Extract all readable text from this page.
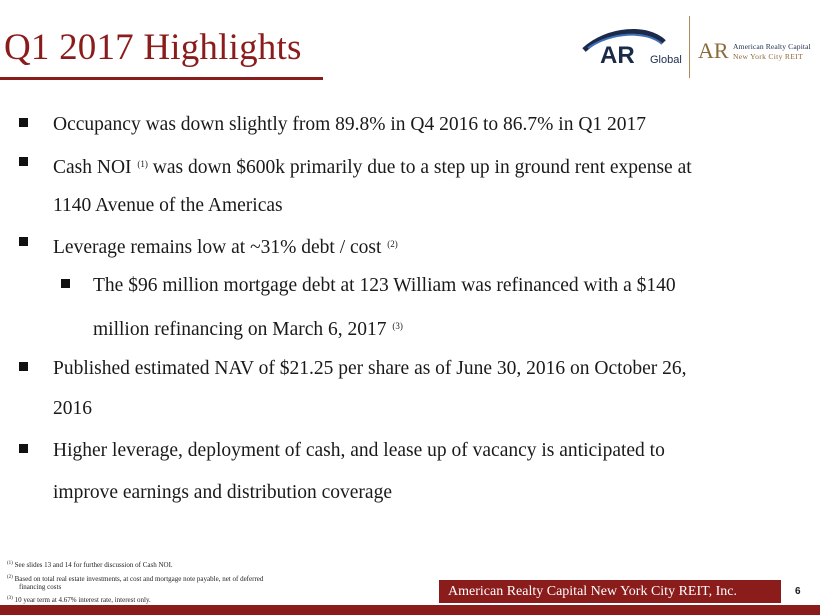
Q1 2017 Highlights	AR Global AR American Realty Capital
New York City REIT
Occupancy was down slightly from 89.8% in Q4 2016 to 86.7% in Q1 2017
Cash NOI $^{(1)}$ was down $600k primarily due to a step up in ground rent expense at
1140 Avenue of the Americas
Leverage remains low at ~31% debt / cost $^{(2)}$
The $96 million mortgage debt at 123 William was refinanced with a $140
million refinancing on March 6, 2017 $^{(3)}$
Published estimated NAV of $21.25 per share as of June 30, 2016 on October 26,
2016
Higher leverage, deployment of cash, and lease up of vacancy is anticipated to
improve earnings and distribution coverage
$^{(1)}$ See slides 13 and 14 for further discussion of Cash NOI.
$^{(2)}$ Based on total real estate investments, at cost and mortgage note payable, net of deferred
financing costs
$^{(3)}$ 10 year term at 4.67% interest rate, interest only.
American Realty Capital New York City REIT, Inc.	6
